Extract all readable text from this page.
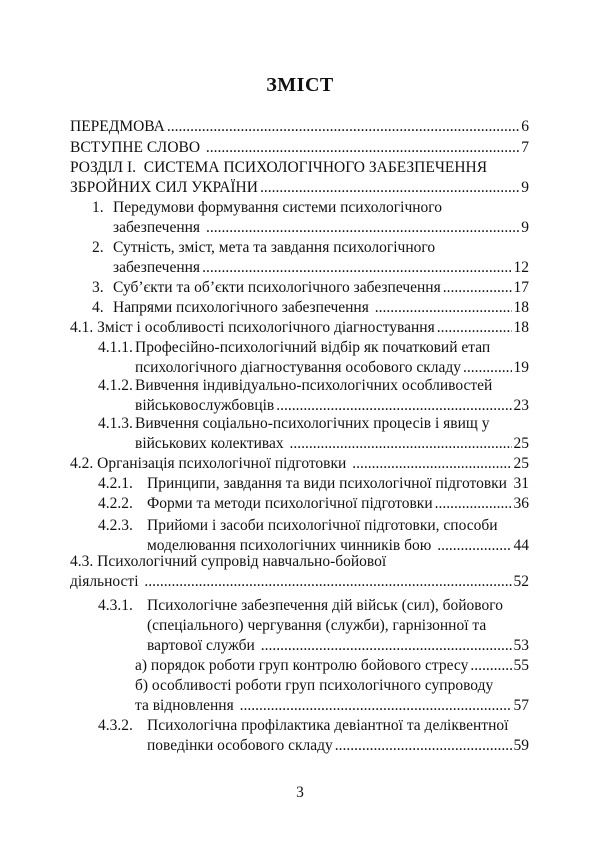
ЗМІСТ
ПЕРЕДМОВА .....	6
ВСТУПНЕ СЛОВО .....	7
РОЗДІЛ І.  СИСТЕМА ПСИХОЛОГІЧНОГО ЗАБЕЗПЕЧЕННЯ
ЗБРОЙНИХ СИЛ УКРАЇНИ .....	9
1. Передумови формування системи психологічного
забезпечення .....	9
2. Сутність, зміст, мета та завдання психологічного
забезпечення .....	12
3. Суб’єкти та об’єкти психологічного забезпечення .....	17
4. Напрями психологічного забезпечення .....	18
4.1. Зміст і особливості психологічного діагностування .....	18
4.1.1. Професійно-психологічний відбір як початковий етап
психологічного діагностування особового складу .....	19
4.1.2. Вивчення індивідуально-психологічних особливостей
військовослужбовців .....	23
4.1.3. Вивчення соціально-психологічних процесів і явищ у
військових колективах .....	25
4.2. Організація психологічної підготовки .....	25
4.2.1. Принципи, завдання та види психологічної підготовки 31
4.2.2. Форми та методи психологічної підготовки .....	36
4.2.3. Прийоми і засоби психологічної підготовки, способи
моделювання психологічних чинників бою .....	44
4.3. Психологічний супровід навчально-бойової
діяльності .....	52
4.3.1. Психологічне забезпечення дій військ (сил), бойового
(спеціального) чергування (служби), гарнізонної та
вартової служби .....	53
а) порядок роботи груп контролю бойового стресу .....	55
б) особливості роботи груп психологічного супроводу
та відновлення .....	57
4.3.2. Психологічна профілактика девіантної та деліквентної
поведінки особового складу .....	59
3
